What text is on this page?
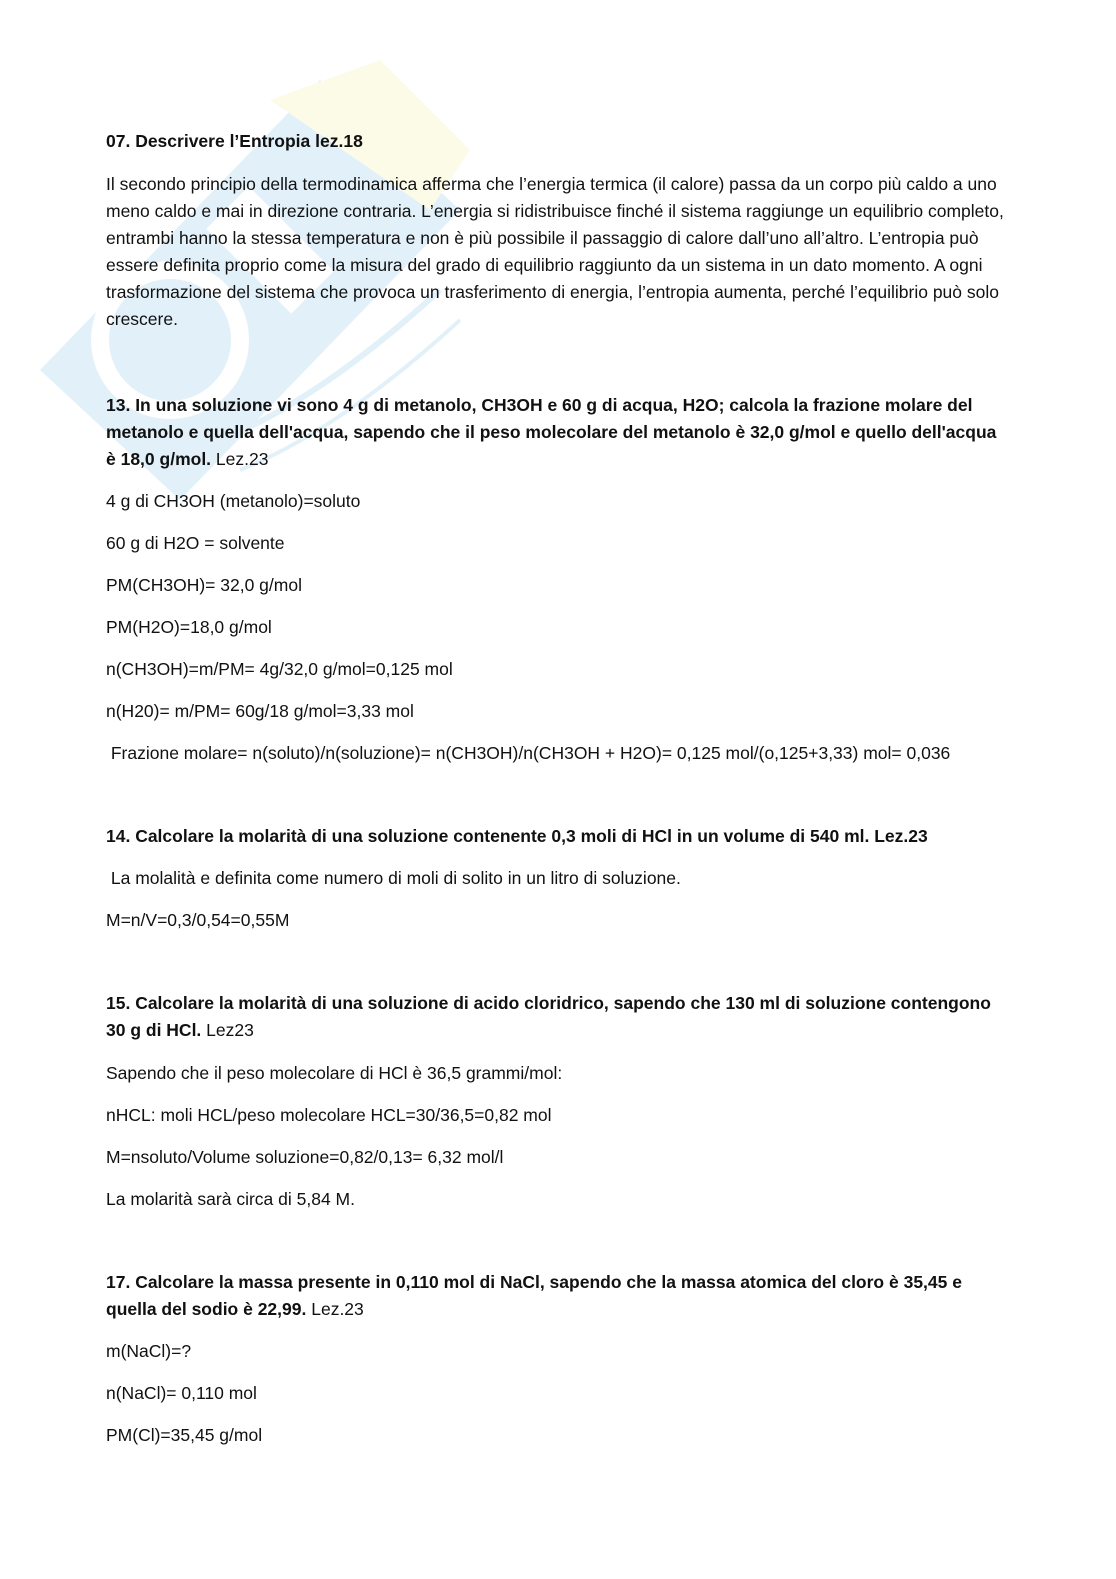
07. Descrivere l’Entropia lez.18

Il secondo principio della termodinamica afferma che l’energia termica (il calore) passa da un corpo più caldo a uno meno caldo e mai in direzione contraria. L’energia si ridistribuisce finché il sistema raggiunge un equilibrio completo, entrambi hanno la stessa temperatura e non è più possibile il passaggio di calore dall’uno all’altro. L’entropia può essere definita proprio come la misura del grado di equilibrio raggiunto da un sistema in un dato momento. A ogni trasformazione del sistema che provoca un trasferimento di energia, l’entropia aumenta, perché l’equilibrio può solo crescere.

13. In una soluzione vi sono 4 g di metanolo, CH3OH e 60 g di acqua, H2O; calcola la frazione molare del metanolo e quella dell'acqua, sapendo che il peso molecolare del metanolo è 32,0 g/mol e quello dell'acqua è 18,0 g/mol. Lez.23

4 g di CH3OH (metanolo)=soluto

60 g di H2O = solvente

PM(CH3OH)= 32,0 g/mol

PM(H2O)=18,0 g/mol

n(CH3OH)=m/PM= 4g/32,0 g/mol=0,125 mol

n(H20)= m/PM= 60g/18 g/mol=3,33 mol

Frazione molare= n(soluto)/n(soluzione)= n(CH3OH)/n(CH3OH + H2O)= 0,125 mol/(o,125+3,33) mol= 0,036

14. Calcolare la molarità di una soluzione contenente 0,3 moli di HCl in un volume di 540 ml. Lez.23

La molalità e definita come numero di moli di solito in un litro di soluzione.

M=n/V=0,3/0,54=0,55M

15. Calcolare la molarità di una soluzione di acido cloridrico, sapendo che 130 ml di soluzione contengono 30 g di HCl. Lez23

Sapendo che il peso molecolare di HCl è 36,5 grammi/mol:

nHCL: moli HCL/peso molecolare HCL=30/36,5=0,82 mol

M=nsoluto/Volume soluzione=0,82/0,13= 6,32 mol/l

La molarità sarà circa di 5,84 M.

17. Calcolare la massa presente in 0,110 mol di NaCl, sapendo che la massa atomica del cloro è 35,45 e quella del sodio è 22,99. Lez.23

m(NaCl)=?

n(NaCl)= 0,110 mol

PM(Cl)=35,45 g/mol
